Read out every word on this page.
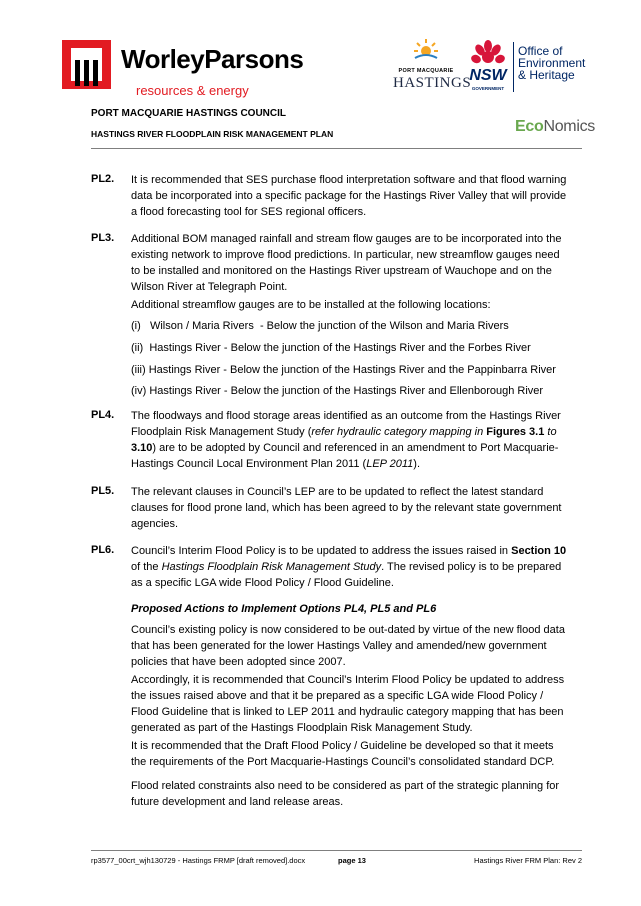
WorleyParsons
resources & energy
PORT MACQUARIE
HASTINGS
NSW
GOVERNMENT
Office of
Environment
& Heritage
PORT MACQUARIE HASTINGS COUNCIL
HASTINGS RIVER FLOODPLAIN RISK MANAGEMENT PLAN	EcoNomics
PL2. It is recommended that SES purchase flood interpretation software and that flood warning
data be incorporated into a specific package for the Hastings River Valley that will provide
a flood forecasting tool for SES regional officers.
PL3. Additional BOM managed rainfall and stream flow gauges are to be incorporated into the
existing network to improve flood predictions. In particular, new streamflow gauges need
to be installed and monitored on the Hastings River upstream of Wauchope and on the
Wilson River at Telegraph Point.
Additional streamflow gauges are to be installed at the following locations:
(i)   Wilson / Maria Rivers  - Below the junction of the Wilson and Maria Rivers
(ii)  Hastings River - Below the junction of the Hastings River and the Forbes River
(iii) Hastings River - Below the junction of the Hastings River and the Pappinbarra River
(iv) Hastings River - Below the junction of the Hastings River and Ellenborough River
PL4. The floodways and flood storage areas identified as an outcome from the Hastings River
Floodplain Risk Management Study (refer hydraulic category mapping in Figures 3.1 to
3.10) are to be adopted by Council and referenced in an amendment to Port Macquarie-
Hastings Council Local Environment Plan 2011 (LEP 2011).
PL5. The relevant clauses in Council’s LEP are to be updated to reflect the latest standard
clauses for flood prone land, which has been agreed to by the relevant state government
agencies.
PL6. Council’s Interim Flood Policy is to be updated to address the issues raised in Section 10
of the Hastings Floodplain Risk Management Study. The revised policy is to be prepared
as a specific LGA wide Flood Policy / Flood Guideline.
Proposed Actions to Implement Options PL4, PL5 and PL6
Council’s existing policy is now considered to be out-dated by virtue of the new flood data
that has been generated for the lower Hastings Valley and amended/new government
policies that have been adopted since 2007.
Accordingly, it is recommended that Council’s Interim Flood Policy be updated to address
the issues raised above and that it be prepared as a specific LGA wide Flood Policy /
Flood Guideline that is linked to LEP 2011 and hydraulic category mapping that has been
generated as part of the Hastings Floodplain Risk Management Study.
It is recommended that the Draft Flood Policy / Guideline be developed so that it meets
the requirements of the Port Macquarie-Hastings Council’s consolidated standard DCP.
Flood related constraints also need to be considered as part of the strategic planning for
future development and land release areas.
rp3577_00crt_wjh130729 - Hastings FRMP [draft removed].docx	page 13	Hastings River FRM Plan: Rev 2
